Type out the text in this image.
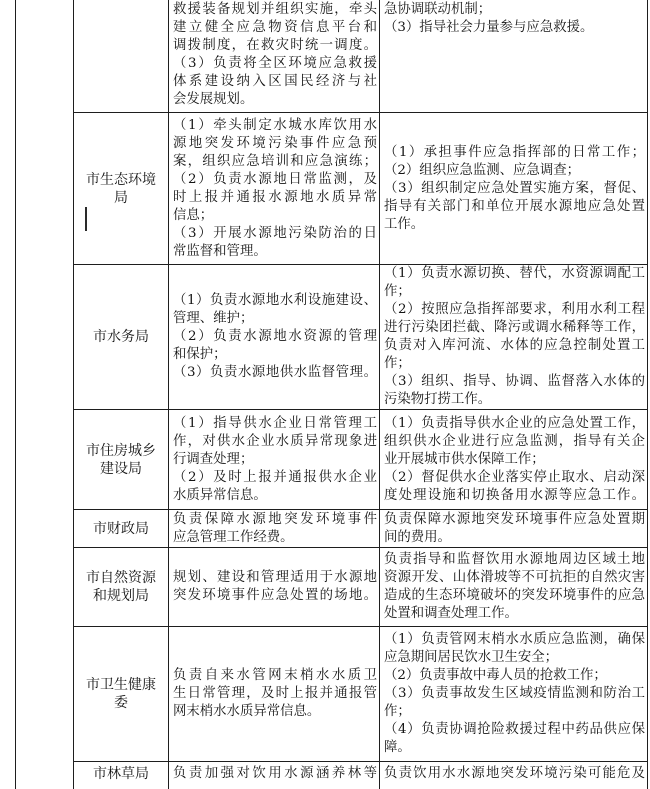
救援装备规划并组织实施，牵头
建立健全应急物资信息平台和
调拨制度，在救灾时统一调度。
（3）负责将全区环境应急救援
体系建设纳入区国民经济与社
会发展规划。
急协调联动机制；
（3）指导社会力量参与应急救援。
市生态环境局
（1）牵头制定水城水库饮用水
源地突发环境污染事件应急预
案，组织应急培训和应急演练；
（2）负责水源地日常监测，及
时上报并通报水源地水质异常
信息；
（3）开展水源地污染防治的日
常监督和管理。
（1）承担事件应急指挥部的日常工作；
（2）组织应急监测、应急调查；
（3）组织制定应急处置实施方案，督促、
指导有关部门和单位开展水源地应急处置
工作。
市水务局
（1）负责水源地水利设施建设、
管理、维护；
（2）负责水源地水资源的管理
和保护；
（3）负责水源地供水监督管理。
（1）负责水源切换、替代，水资源调配工
作；
（2）按照应急指挥部要求，利用水利工程
进行污染团拦截、降污或调水稀释等工作，
负责对入库河流、水体的应急控制处置工
作；
（3）组织、指导、协调、监督落入水体的
污染物打捞工作。
市住房城乡建设局
（1）指导供水企业日常管理工
作，对供水企业水质异常现象进
行调查处理；
（2）及时上报并通报供水企业
水质异常信息。
（1）负责指导供水企业的应急处置工作，
组织供水企业进行应急监测，指导有关企
业开展城市供水保障工作；
（2）督促供水企业落实停止取水、启动深
度处理设施和切换备用水源等应急工作。
市财政局
负责保障水源地突发环境事件
应急管理工作经费。
负责保障水源地突发环境事件应急处置期
间的费用。
市自然资源和规划局
规划、建设和管理适用于水源地
突发环境事件应急处置的场地。
负责指导和监督饮用水源地周边区域土地
资源开发、山体滑坡等不可抗拒的自然灾害
造成的生态环境破坏的突发环境事件的应急
处置和调查处理工作。
市卫生健康委
负责自来水管网末梢水水质卫
生日常管理，及时上报并通报管
网末梢水水质异常信息。
（1）负责管网末梢水水质应急监测，确保
应急期间居民饮水卫生安全；
（2）负责事故中毒人员的抢救工作；
（3）负责事故发生区域疫情监测和防治工
作；
（4）负责协调抢险救援过程中药品供应保
障。
市林草局	负责加强对饮用水源涵养林等 负责饮用水水源地突发环境污染可能危及
